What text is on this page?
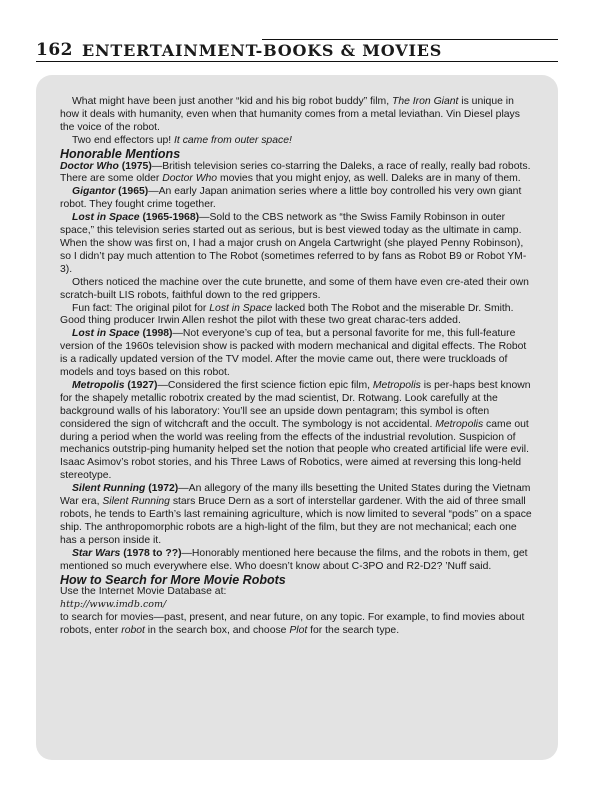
162 ENTERTAINMENT-BOOKS & MOVIES

What might have been just another “kid and his big robot buddy” film, The Iron Giant is unique in how it deals with humanity, even when that humanity comes from a metal leviathan. Vin Diesel plays the voice of the robot.

Two end effectors up! It came from outer space!

Honorable Mentions

Doctor Who (1975)—British television series co-starring the Daleks, a race of really, really bad robots. There are some older Doctor Who movies that you might enjoy, as well. Daleks are in many of them.

Gigantor (1965)—An early Japan animation series where a little boy controlled his very own giant robot. They fought crime together.

Lost in Space (1965-1968)—Sold to the CBS network as “the Swiss Family Robinson in outer space,” this television series started out as serious, but is best viewed today as the ultimate in camp. When the show was first on, I had a major crush on Angela Cartwright (she played Penny Robinson), so I didn’t pay much attention to The Robot (sometimes referred to by fans as Robot B9 or Robot YM-3).

Others noticed the machine over the cute brunette, and some of them have even cre-ated their own scratch-built LIS robots, faithful down to the red grippers.

Fun fact: The original pilot for Lost in Space lacked both The Robot and the miserable Dr. Smith. Good thing producer Irwin Allen reshot the pilot with these two great charac-ters added.

Lost in Space (1998)—Not everyone’s cup of tea, but a personal favorite for me, this full-feature version of the 1960s television show is packed with modern mechanical and digital effects. The Robot is a radically updated version of the TV model. After the movie came out, there were truckloads of models and toys based on this robot.

Metropolis (1927)—Considered the first science fiction epic film, Metropolis is per-haps best known for the shapely metallic robotrix created by the mad scientist, Dr. Rotwang. Look carefully at the background walls of his laboratory: You’ll see an upside down pentagram; this symbol is often considered the sign of witchcraft and the occult. The symbology is not accidental. Metropolis came out during a period when the world was reeling from the effects of the industrial revolution. Suspicion of mechanics outstrip-ping humanity helped set the notion that people who created artificial life were evil. Isaac Asimov’s robot stories, and his Three Laws of Robotics, were aimed at reversing this long-held stereotype.

Silent Running (1972)—An allegory of the many ills besetting the United States during the Vietnam War era, Silent Running stars Bruce Dern as a sort of interstellar gardener. With the aid of three small robots, he tends to Earth’s last remaining agriculture, which is now limited to several “pods” on a space ship. The anthropomorphic robots are a high-light of the film, but they are not mechanical; each one has a person inside it.

Star Wars (1978 to ??)—Honorably mentioned here because the films, and the robots in them, get mentioned so much everywhere else. Who doesn’t know about C-3PO and R2-D2? ’Nuff said.

How to Search for More Movie Robots

Use the Internet Movie Database at:

http://www.imdb.com/

to search for movies—past, present, and near future, on any topic. For example, to find movies about robots, enter robot in the search box, and choose Plot for the search type.
